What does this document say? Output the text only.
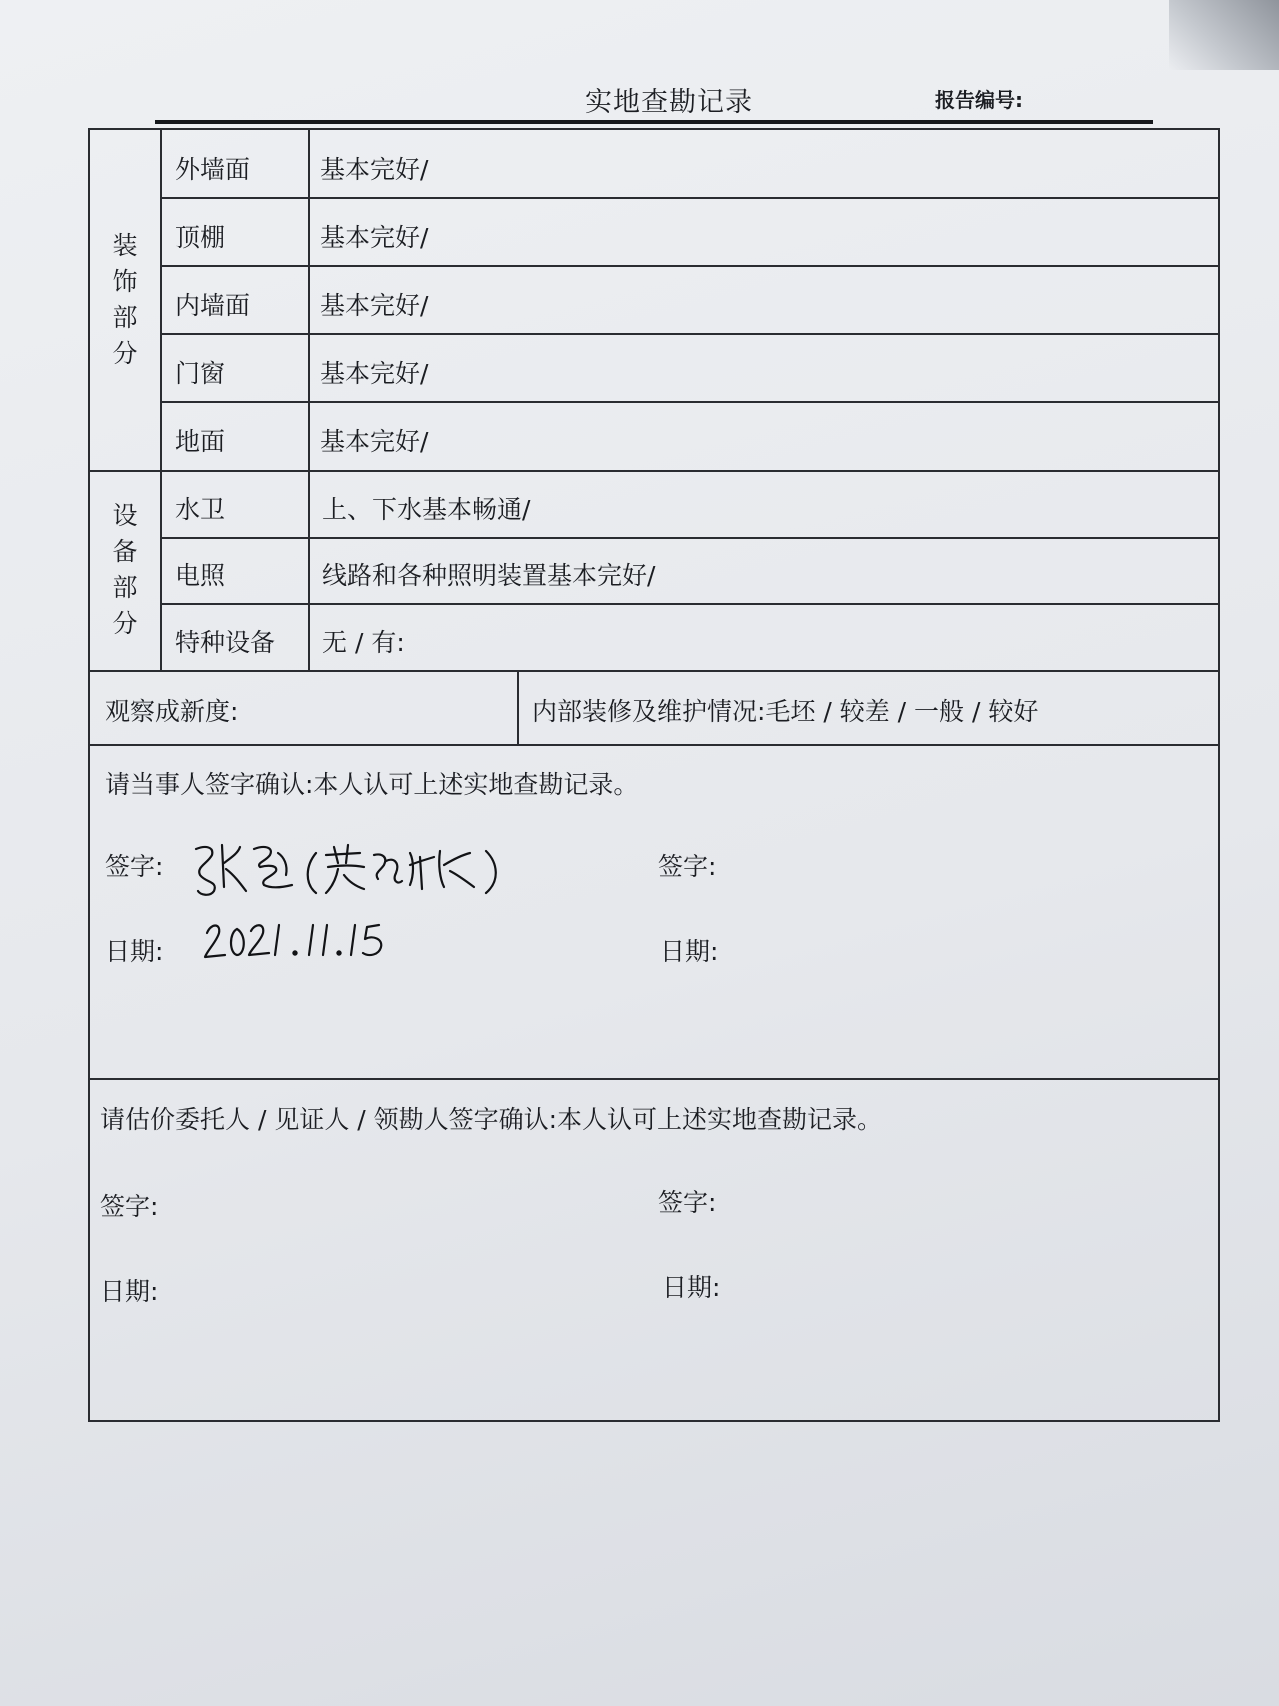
实地查勘记录	报告编号:
装饰部分
外墙面	基本完好/
顶棚	基本完好/
内墙面	基本完好/
门窗	基本完好/
地面	基本完好/
设备部分
水卫	上、下水基本畅通/
电照	线路和各种照明装置基本完好/
特种设备 无 / 有:
观察成新度:	内部装修及维护情况:毛坯 / 较差 / 一般 / 较好
请当事人签字确认:本人认可上述实地查勘记录。
签字:	签字:
日期:	日期:
请估价委托人 / 见证人 / 领勘人签字确认:本人认可上述实地查勘记录。
签字:	签字:
日期:	日期:
